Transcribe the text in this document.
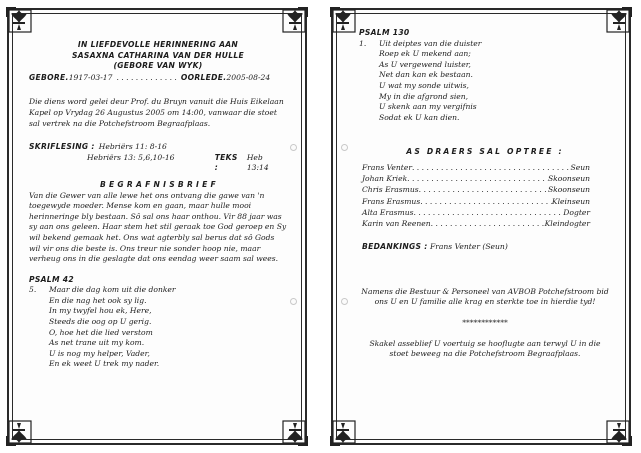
IN LIEFDEVOLLE HERINNERING AAN
SASAXNA CATHARINA VAN DER HULLE
(GEBORE VAN WYK)
GEBORE. 1917-03-17 . . . . . . . . . . . . . OORLEDE. 2005-08-24
Die diens word gelei deur Prof. du Bruyn vanuit die Huis Eikelaan Kapel op Vrydag 26 Augustus 2005 om 14:00, vanwaar die stoet sal vertrek na die Potchefstroom Begraafplaas.
SKRIFLESING : Hebriërs 11: 8-16
Hebriërs 13: 5,6,10-16	TEKS :
Heb 13:14
B E G R A F N I S B R I E F
Van die Gewer van alle lewe het ons ontvang die gawe van 'n toegewyde moeder. Mense kom en gaan, maar hulle mooi herinneringe bly bestaan. Sô sal ons haar onthou. Vir 88 jaar was sy aan ons geleen. Haar stem het stil geraak toe God geroep en Sy wil bekend gemaak het. Ons wat agterbly sal berus dat sô Gods wil vir ons die beste is. Ons treur nie sonder hoop nie, maar verheug ons in die geslagte dat ons eendag weer saam sal wees.
PSALM 42
5.	Maar die dag kom uit die donker
En die nag het ook sy lig.
In my twyfel hou ek, Here,
Steeds die oog op U gerig.
O, hoe het die lied verstom
As net trane uit my kom.
U is nog my helper, Vader,
En ek weet U trek my nader.
PSALM 130
1.	Uit deiptes van die duister
Roep ek U mekend aan;
As U vergewend luister,
Net dan kan ek bestaan.
U wat my sonde uitwis,
My in die afgrond sien,
U skenk aan my vergifnis
Sodat ek U kan dien.
AS DRAERS SAL OPTREE :
Frans Venter . . .	Seun
Johan Kriek . . .	Skoonseun
Chris Erasmus . . .	Skoonseun
Frans Erasmus . . .	Kleinseun
Alta Erasmus . . .	Dogter
Karin van Reenen . . .	Kleindogter
BEDANKINGS : Frans Venter (Seun)
Namens die Bestuur & Personeel van AVBOB Potchefstroom bid ons U en U familie alle krag en sterkte toe in hierdie tyd!
************
Skakel asseblief U voertuig se hooflugte aan terwyl U in die stoet beweeg na die Potchefstroom Begraafplaas.
